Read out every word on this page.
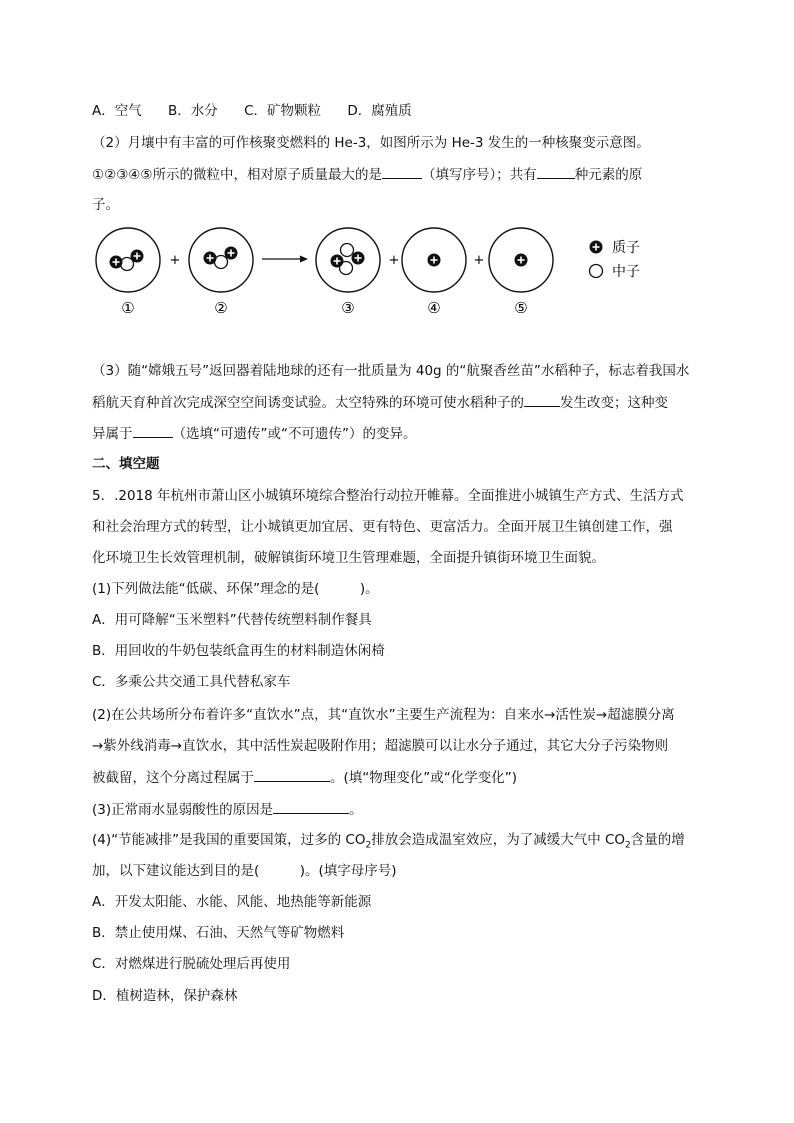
A．空气 B．水分 C．矿物颗粒 D．腐殖质
（2）月壤中有丰富的可作核聚变燃料的 He-3，如图所示为 He-3 发生的一种核聚变示意图。
①②③④⑤所示的微粒中，相对原子质量最大的是	（填写序号）；共有	种元素的原
子。
+	+	+
①	②	③	④	⑤
质子
中子
（3）随“嫦娥五号”返回器着陆地球的还有一批质量为 40g 的“航聚香丝苗”水稻种子，标志着我国水
稻航天育种首次完成深空空间诱变试验。太空特殊的环境可使水稻种子的	发生改变；这种变
异属于	（选填“可遗传”或“不可遗传”）的变异。
二、填空题
5．.2018 年杭州市萧山区小城镇环境综合整治行动拉开帷幕。全面推进小城镇生产方式、生活方式
和社会治理方式的转型，让小城镇更加宜居、更有特色、更富活力。全面开展卫生镇创建工作，强
化环境卫生长效管理机制，破解镇街环境卫生管理难题，全面提升镇街环境卫生面貌。
(1)下列做法能“低碳、环保”理念的是(　　　)。
A．用可降解“玉米塑料”代替传统塑料制作餐具
B．用回收的牛奶包装纸盒再生的材料制造休闲椅
C．多乘公共交通工具代替私家车
(2)在公共场所分布着许多“直饮水”点，其“直饮水”主要生产流程为：自来水→活性炭→超滤膜分离
→紫外线消毒→直饮水，其中活性炭起吸附作用；超滤膜可以让水分子通过，其它大分子污染物则
被截留，这个分离过程属于	。(填“物理变化”或“化学变化”)
(3)正常雨水显弱酸性的原因是	。
(4)“节能减排”是我国的重要国策，过多的 $CO_2$排放会造成温室效应，为了减缓大气中 $CO_2$含量的增
加，以下建议能达到目的是(　　　)。(填字母序号)
A．开发太阳能、水能、风能、地热能等新能源
B．禁止使用煤、石油、天然气等矿物燃料
C．对燃煤进行脱硫处理后再使用
D．植树造林，保护森林
